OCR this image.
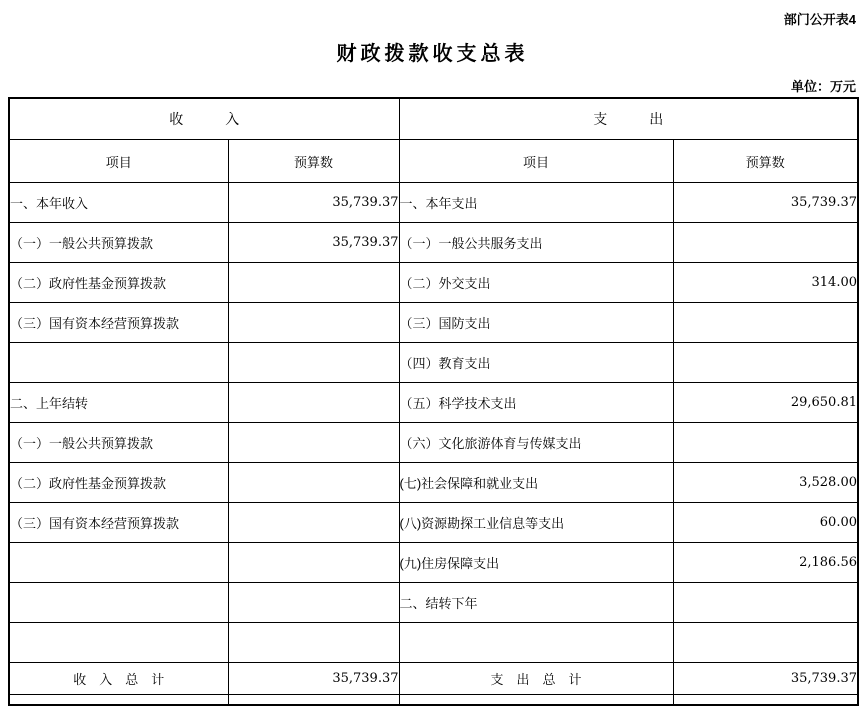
部门公开表4
财政拨款收支总表
单位：万元
收　　　入		支　　　出	
项目	预算数	项目	预算数
一、本年收入	35,739.37	一、本年支出	35,739.37
（一）一般公共预算拨款	35,739.37	（一）一般公共服务支出	
（二）政府性基金预算拨款		（二）外交支出	314.00
（三）国有资本经营预算拨款		（三）国防支出	
		（四）教育支出	
二、上年结转		（五）科学技术支出	29,650.81
（一）一般公共预算拨款		（六）文化旅游体育与传媒支出	
（二）政府性基金预算拨款		(七)社会保障和就业支出	3,528.00
（三）国有资本经营预算拨款		(八)资源勘探工业信息等支出	60.00
		(九)住房保障支出	2,186.56
		二、结转下年	

收　入　总　计	35,739.37	支　出　总　计	35,739.37
